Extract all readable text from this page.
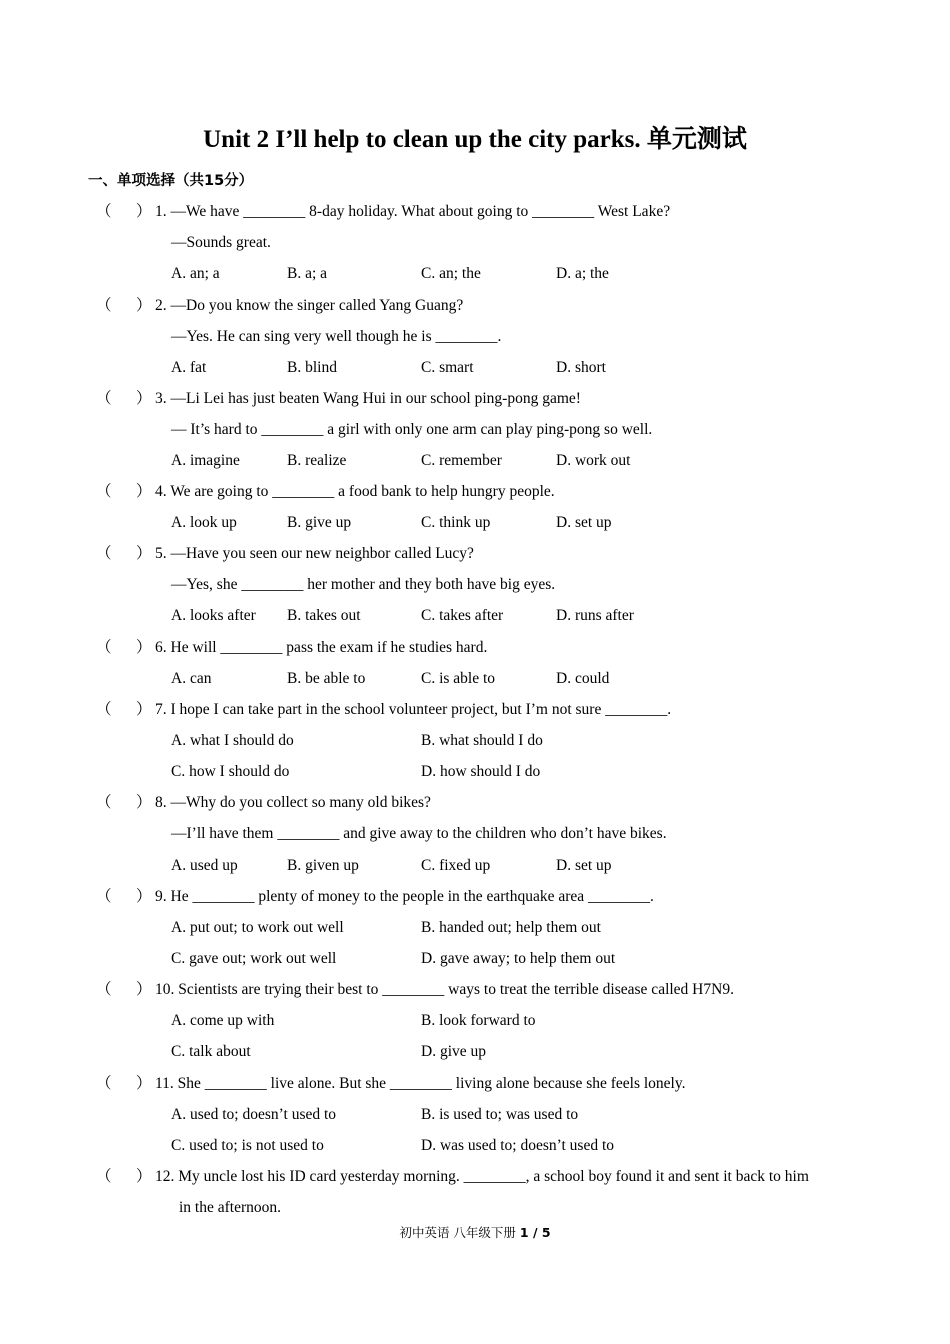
Unit 2 I’ll help to clean up the city parks. 单元测试
一、单项选择（共15分）
（ ） 1. —We have ________ 8-day holiday. What about going to ________ West Lake?
—Sounds great.
A. an; a	B. a; a	C. an; the	D. a; the
（ ） 2. —Do you know the singer called Yang Guang?
—Yes. He can sing very well though he is ________.
A. fat	B. blind	C. smart	D. short
（ ） 3. —Li Lei has just beaten Wang Hui in our school ping-pong game!
— It’s hard to ________ a girl with only one arm can play ping-pong so well.
A. imagine	B. realize	C. remember	D. work out
（ ） 4. We are going to ________ a food bank to help hungry people.
A. look up	B. give up	C. think up	D. set up
（ ） 5. —Have you seen our new neighbor called Lucy?
—Yes, she ________ her mother and they both have big eyes.
A. looks after B. takes out	C. takes after	D. runs after
（ ） 6. He will ________ pass the exam if he studies hard.
A. can	B. be able to	C. is able to	D. could
（ ） 7. I hope I can take part in the school volunteer project, but I’m not sure ________.
A. what I should do	B. what should I do
C. how I should do	D. how should I do
（ ） 8. —Why do you collect so many old bikes?
—I’ll have them ________ and give away to the children who don’t have bikes.
A. used up	B. given up	C. fixed up	D. set up
（ ） 9. He ________ plenty of money to the people in the earthquake area ________.
A. put out; to work out well	B. handed out; help them out
C. gave out; work out well	D. gave away; to help them out
（ ） 10. Scientists are trying their best to ________ ways to treat the terrible disease called H7N9.
A. come up with	B. look forward to
C. talk about	D. give up
（ ） 11. She ________ live alone. But she ________ living alone because she feels lonely.
A. used to; doesn’t used to	B. is used to; was used to
C. used to; is not used to	D. was used to; doesn’t used to
（ ） 12. My uncle lost his ID card yesterday morning. ________, a school boy found it and sent it back to him
in the afternoon.
初中英语 八年级下册 1 / 5
